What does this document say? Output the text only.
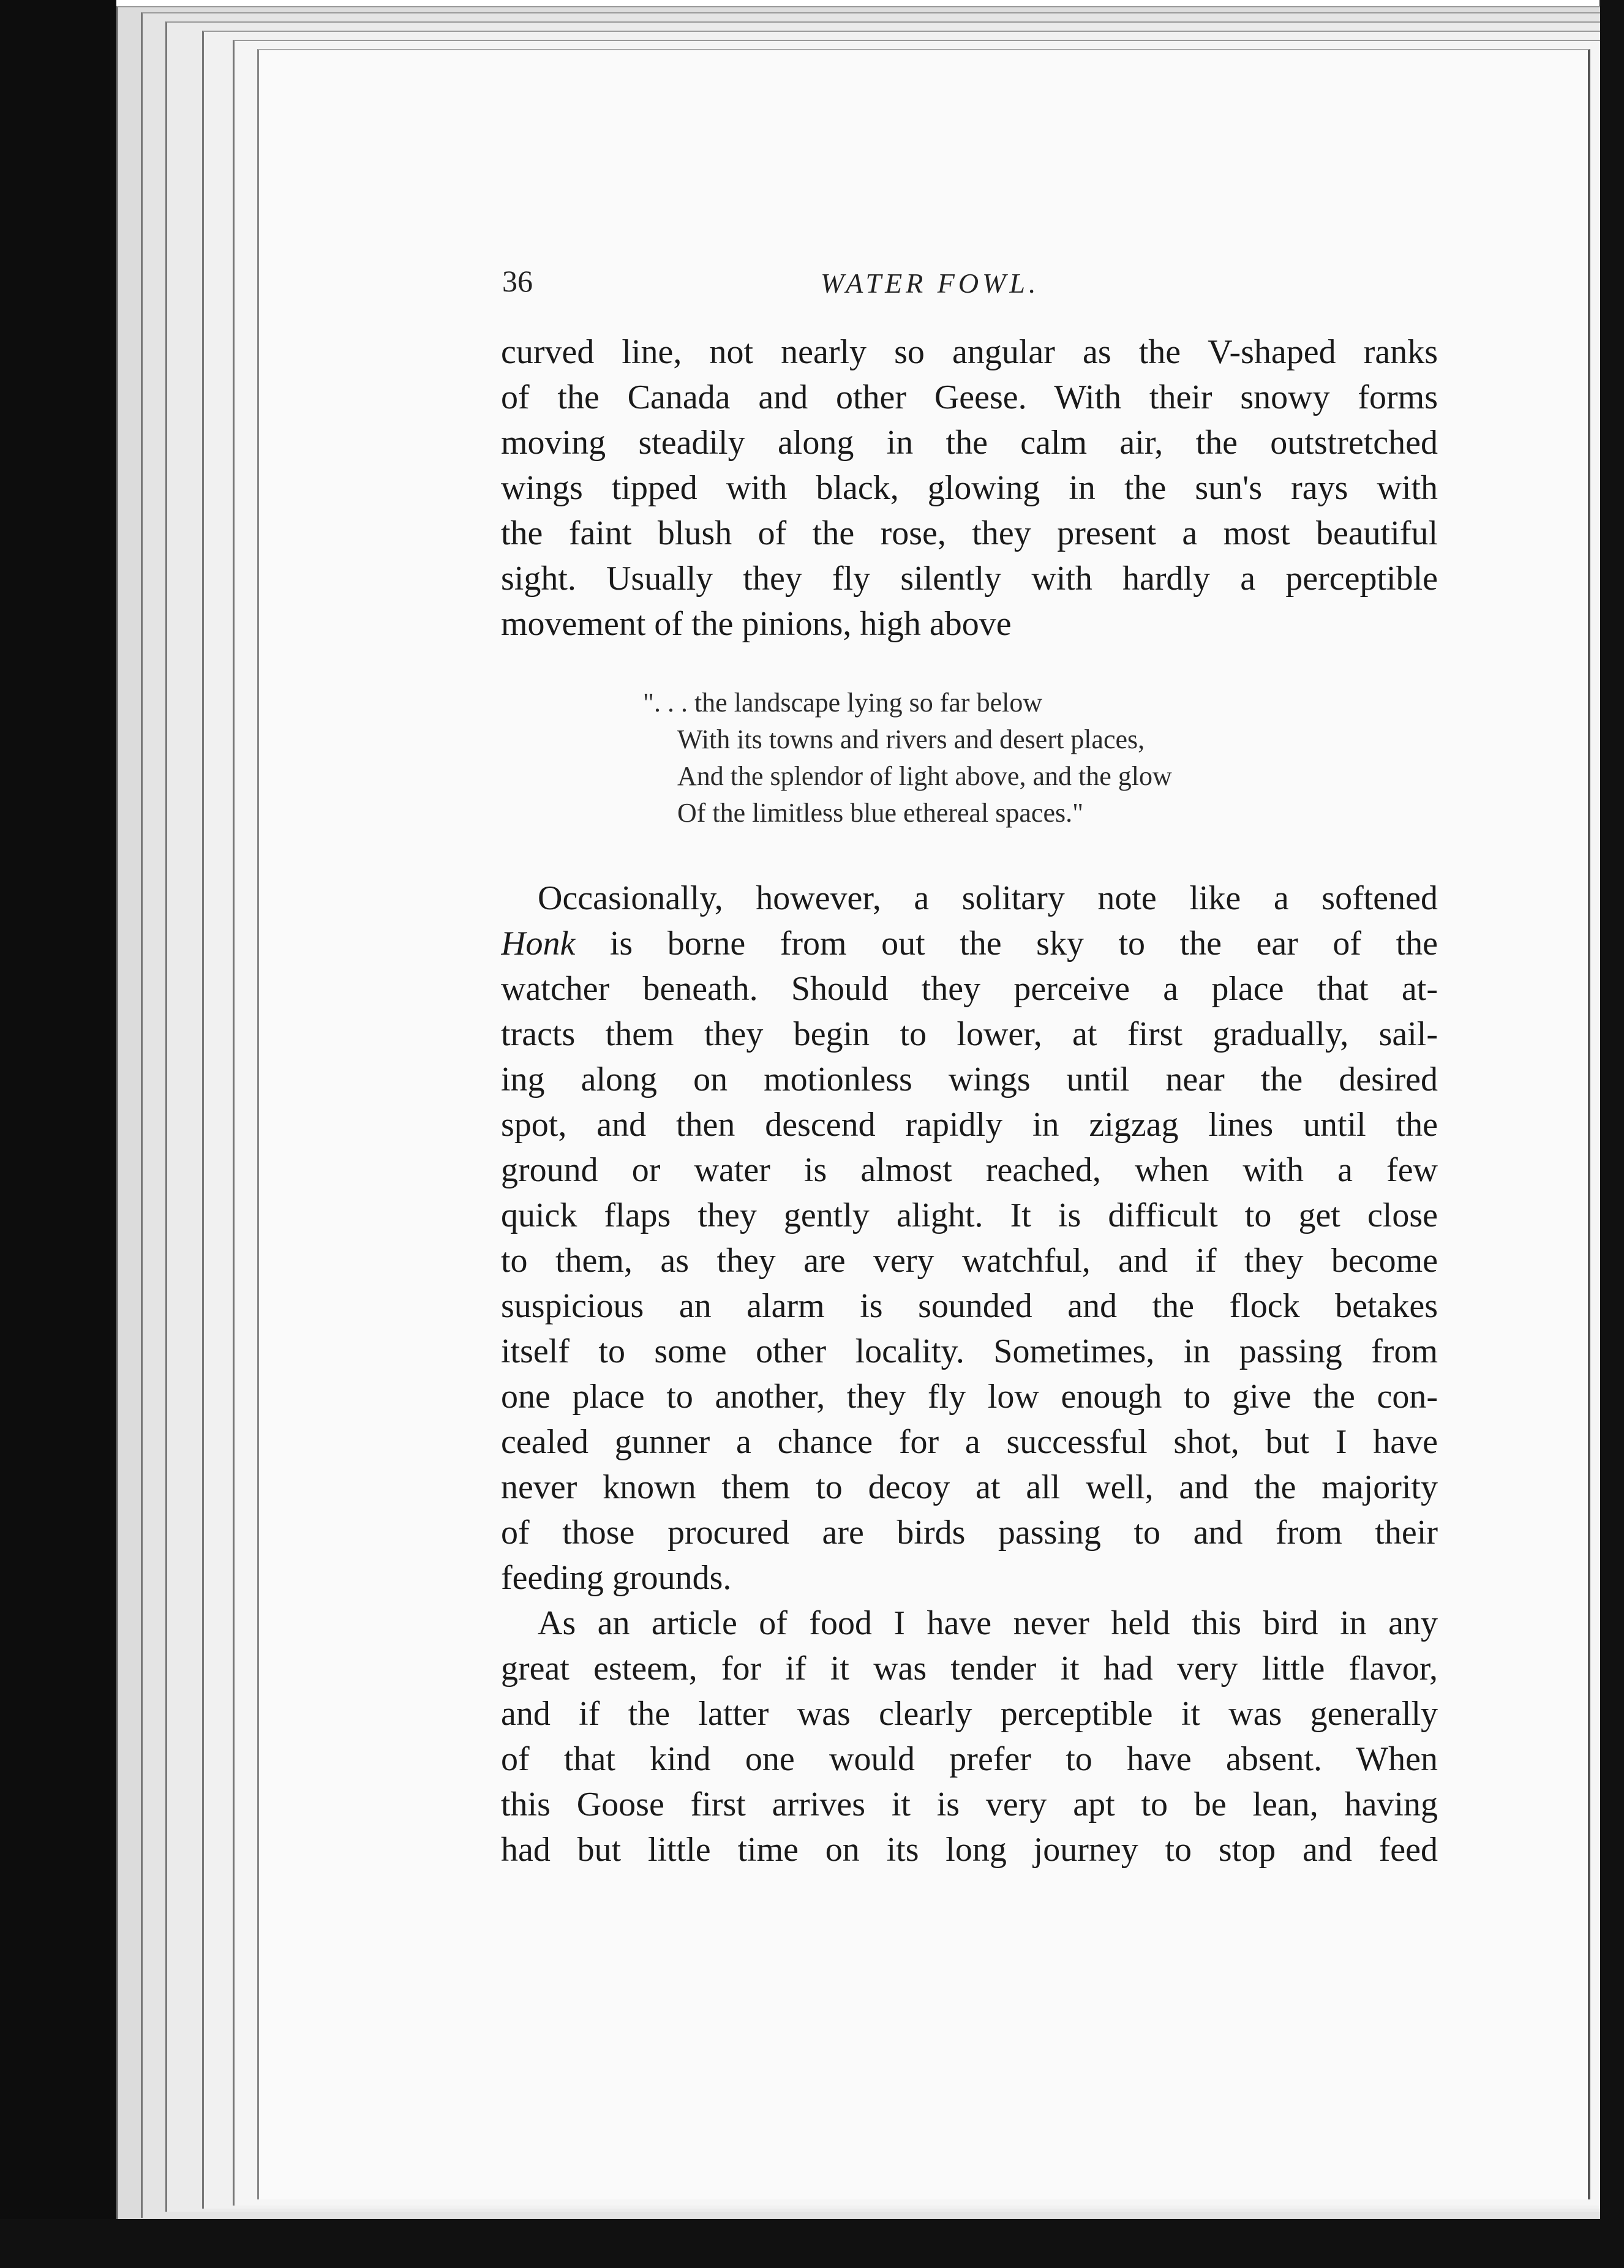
36	WATER FOWL.
curved line, not nearly so angular as the V-shaped ranks
of the Canada and other Geese. With their snowy forms
moving steadily along in the calm air, the outstretched
wings tipped with black, glowing in the sun's rays with
the faint blush of the rose, they present a most beautiful
sight. Usually they fly silently with hardly a perceptible
movement of the pinions, high above
". . . the landscape lying so far below
With its towns and rivers and desert places,
And the splendor of light above, and the glow
Of the limitless blue ethereal spaces."
Occasionally, however, a solitary note like a softened
Honk is borne from out the sky to the ear of the
watcher beneath. Should they perceive a place that at-
tracts them they begin to lower, at first gradually, sail-
ing along on motionless wings until near the desired
spot, and then descend rapidly in zigzag lines until the
ground or water is almost reached, when with a few
quick flaps they gently alight. It is difficult to get close
to them, as they are very watchful, and if they become
suspicious an alarm is sounded and the flock betakes
itself to some other locality. Sometimes, in passing from
one place to another, they fly low enough to give the con-
cealed gunner a chance for a successful shot, but I have
never known them to decoy at all well, and the majority
of those procured are birds passing to and from their
feeding grounds.
As an article of food I have never held this bird in any
great esteem, for if it was tender it had very little flavor,
and if the latter was clearly perceptible it was generally
of that kind one would prefer to have absent. When
this Goose first arrives it is very apt to be lean, having
had but little time on its long journey to stop and feed
